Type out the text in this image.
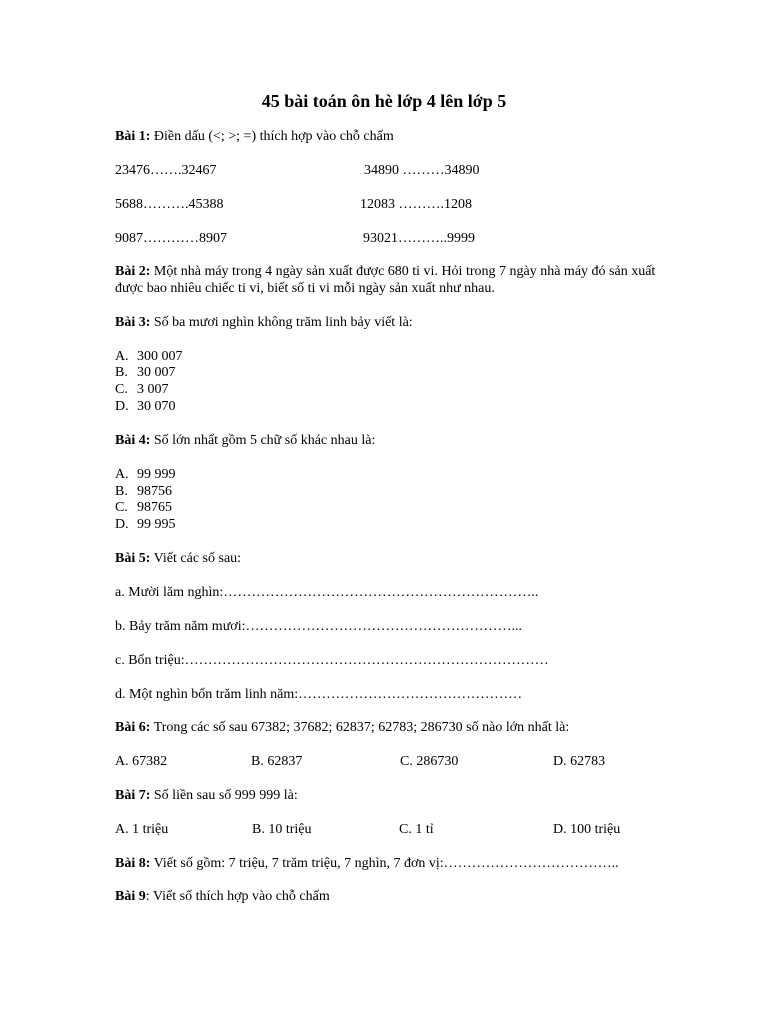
45 bài toán ôn hè lớp 4 lên lớp 5
Bài 1: Điền dấu (<; >; =) thích hợp vào chỗ chấm
23476…….32467	34890 ………34890
5688……….45388	12083 ……….1208
9087…………8907	93021………..9999
Bài 2: Một nhà máy trong 4 ngày sản xuất được 680 ti vi. Hỏi trong 7 ngày nhà máy đó sản xuất
được bao nhiêu chiếc ti vi, biết số ti vi mỗi ngày sản xuất như nhau.
Bài 3: Số ba mươi nghìn không trăm linh bảy viết là:
A. 300 007
B. 30 007
C. 3 007
D. 30 070
Bài 4: Số lớn nhất gồm 5 chữ số khác nhau là:
A. 99 999
B. 98756
C. 98765
D. 99 995
Bài 5: Viết các số sau:
a. Mười lăm nghìn:…………………………………………………………..
b. Bảy trăm năm mươi:…………………………………………………...
c. Bốn triệu:……………………………………………………………………
d. Một nghìn bốn trăm linh năm:…………………………………………
Bài 6: Trong các số sau 67382; 37682; 62837; 62783; 286730 số nào lớn nhất là:
A. 67382	B. 62837	C. 286730	D. 62783
Bài 7: Số liền sau số 999 999 là:
A. 1 triệu	B. 10 triệu	C. 1 tỉ	D. 100 triệu
Bài 8: Viết số gồm: 7 triệu, 7 trăm triệu, 7 nghìn, 7 đơn vị:………………………………..
Bài 9: Viết số thích hợp vào chỗ chấm
